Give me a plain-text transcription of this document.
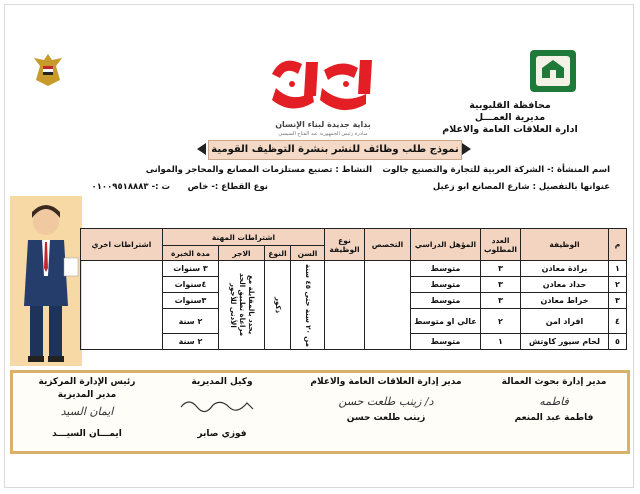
محافظة القليوبية
مديرية العمـــل
ادارة العلاقات العامة والاعلام
بداية جديدة لبناء الإنسان
مبادرة رئيس الجمهورية عبد الفتاح السيسي
نموذج طلب وظائف للنشر بنشرة التوظيف القومية
اسم المنشأة :- الشركة العربية للتجارة والتصنيع جالوت
النشاط : تصنيع مستلزمات المصانع والمحاجر والموانى
عنوانها بالتفصيل : شارع المصانع ابو زعبل
نوع القطاع :- خاص
ت :- ٠١٠٠٩٥١٨٨٨٣
م	الوظيفة	العدد المطلوب	المؤهل الدراسي	التخصص	نوع الوظيفة	اشتراطات المهنة				اشتراطات اخري
						السن	النوع	الاجر	مدة الخبرة	
١	برادة معادن	٣	متوسط			من ٢٠ سنة حتى ٤٥ سنة	ذكور	يحدد بالمقابلة مع مراعاة تطبيق الحد الأدنى للأجور	٣ سنوات	
٢	حداد معادن	٣	متوسط						٤سنوات	
٣	خراط معادن	٣	متوسط						٣سنوات	
٤	افراد امن	٢	عالي او متوسط						٢ سنة	
٥	لحام سيور كاوتش	١	متوسط						٢ سنة	
مدير إدارة بحوث العمالة
فاطمه
فاطمة عبد المنعم
مدير إدارة العلاقات العامة والاعلام
د/ زينب طلعت حسن
زينب طلعت حسن
وكيل المديرية
فوزي صابر
رئيس الإدارة المركزية
مدير المديرية
ايمان السيد
ايمـــان السيـــد
